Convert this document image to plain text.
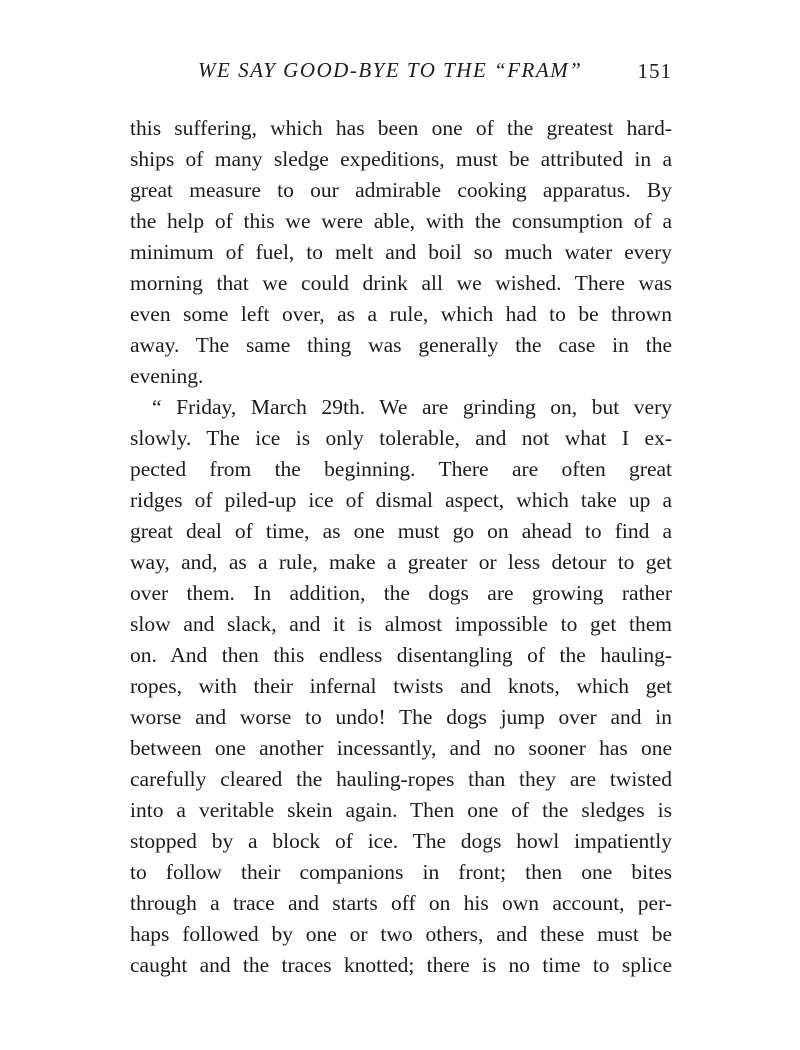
WE SAY GOOD-BYE TO THE “FRAM”	151
this suffering, which has been one of the greatest hard-
ships of many sledge expeditions, must be attributed in a
great measure to our admirable cooking apparatus. By
the help of this we were able, with the consumption of a
minimum of fuel, to melt and boil so much water every
morning that we could drink all we wished. There was
even some left over, as a rule, which had to be thrown
away. The same thing was generally the case in the
evening.
“ Friday, March 29th. We are grinding on, but very
slowly. The ice is only tolerable, and not what I ex-
pected from the beginning. There are often great
ridges of piled-up ice of dismal aspect, which take up a
great deal of time, as one must go on ahead to find a
way, and, as a rule, make a greater or less detour to get
over them. In addition, the dogs are growing rather
slow and slack, and it is almost impossible to get them
on. And then this endless disentangling of the hauling-
ropes, with their infernal twists and knots, which get
worse and worse to undo! The dogs jump over and in
between one another incessantly, and no sooner has one
carefully cleared the hauling-ropes than they are twisted
into a veritable skein again. Then one of the sledges is
stopped by a block of ice. The dogs howl impatiently
to follow their companions in front; then one bites
through a trace and starts off on his own account, per-
haps followed by one or two others, and these must be
caught and the traces knotted; there is no time to splice
